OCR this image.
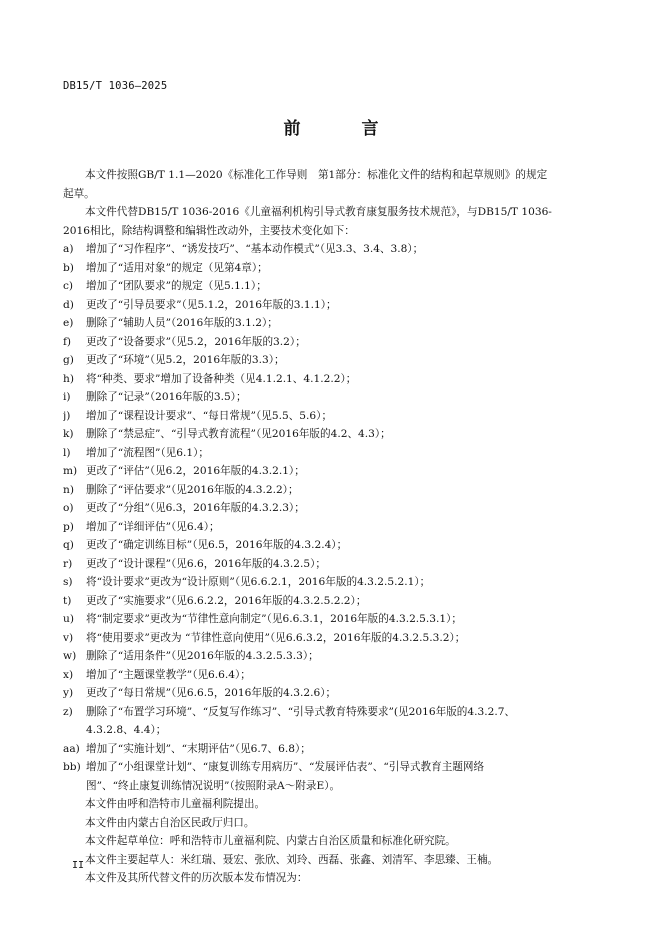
DB15/T 1036—2025
前　言
本文件按照GB/T 1.1—2020《标准化工作导则　第1部分：标准化文件的结构和起草规则》的规定
起草。
本文件代替DB15/T 1036-2016《儿童福利机构引导式教育康复服务技术规范》，与DB15/T 1036-
2016相比，除结构调整和编辑性改动外，主要技术变化如下：
a)	增加了“习作程序”、“诱发技巧”、“基本动作模式”（见3.3、3.4、3.8）；
b)	增加了“适用对象”的规定（见第4章）；
c)	增加了“团队要求”的规定（见5.1.1）；
d)	更改了“引导员要求”（见5.1.2，2016年版的3.1.1）；
e)	删除了“辅助人员”（2016年版的3.1.2）；
f)	更改了“设备要求”（见5.2，2016年版的3.2）；
g)	更改了“环境”（见5.2，2016年版的3.3）；
h)	将“种类、要求”增加了设备种类（见4.1.2.1、4.1.2.2）；
i)	删除了“记录”（2016年版的3.5）；
j)	增加了“课程设计要求”、“每日常规”（见5.5、5.6）；
k)	删除了“禁忌症”、“引导式教育流程”（见2016年版的4.2、4.3）；
l)	增加了“流程图”（见6.1）；
m) 更改了“评估”（见6.2，2016年版的4.3.2.1）；
n)	删除了“评估要求”（见2016年版的4.3.2.2）；
o)	更改了“分组”（见6.3，2016年版的4.3.2.3）；
p)	增加了“详细评估”（见6.4）；
q)	更改了“确定训练目标”（见6.5，2016年版的4.3.2.4）；
r)	更改了“设计课程”（见6.6，2016年版的4.3.2.5）；
s)	将“设计要求”更改为“设计原则”（见6.6.2.1，2016年版的4.3.2.5.2.1）；
t)	更改了“实施要求”（见6.6.2.2，2016年版的4.3.2.5.2.2）；
u)	将“制定要求”更改为“节律性意向制定”（见6.6.3.1，2016年版的4.3.2.5.3.1）；
v)	将“使用要求”更改为 “节律性意向使用”（见6.6.3.2，2016年版的4.3.2.5.3.2）；
w) 删除了“适用条件”（见2016年版的4.3.2.5.3.3）；
x)	增加了“主题课堂教学”（见6.6.4）；
y)	更改了“每日常规”（见6.6.5，2016年版的4.3.2.6）；
z)	删除了“布置学习环境”、“反复写作练习”、“引导式教育特殊要求”(见2016年版的4.3.2.7、
4.3.2.8、4.4）；
aa) 增加了“实施计划”、“末期评估”（见6.7、6.8）；
bb) 增加了“小组课堂计划”、“康复训练专用病历”、“发展评估表”、“引导式教育主题网络
图”、“终止康复训练情况说明”（按照附录A～附录E）。
本文件由呼和浩特市儿童福利院提出。
本文件由内蒙古自治区民政厅归口。
本文件起草单位：呼和浩特市儿童福利院、内蒙古自治区质量和标准化研究院。
本文件主要起草人：米红瑞、聂宏、张欣、刘玲、西磊、张鑫、刘清军、李思臻、王楠。
本文件及其所代替文件的历次版本发布情况为：
II
